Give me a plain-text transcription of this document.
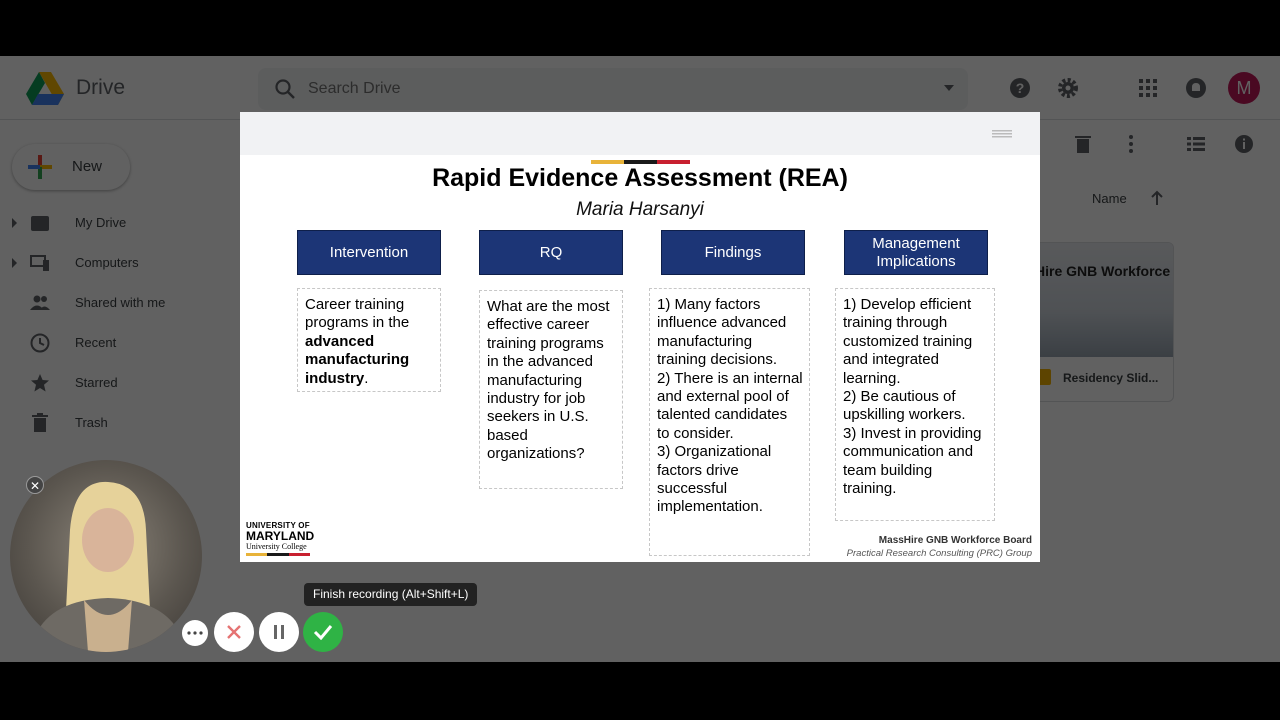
Search Drive
Rapid Evidence Assessment (REA)
Maria Harsanyi
Intervention	RQ	Findings
Management Implications
Career training programs in the advanced manufacturing industry.
What are the most effective career training programs in the advanced manufacturing industry for job seekers in U.S. based organizations?
1) Many factors influence advanced manufacturing training decisions.
2) There is an internal and external pool of talented candidates to consider.
3) Organizational factors drive successful implementation.
1) Develop efficient training through customized training and integrated learning.
2) Be cautious of upskilling workers.
3) Invest in providing communication and team building training.
UNIVERSITY OF
MARYLAND
University College
MassHire GNB Workforce Board
Practical Research Consulting (PRC) Group
✕
Finish recording (Alt+Shift+L)
